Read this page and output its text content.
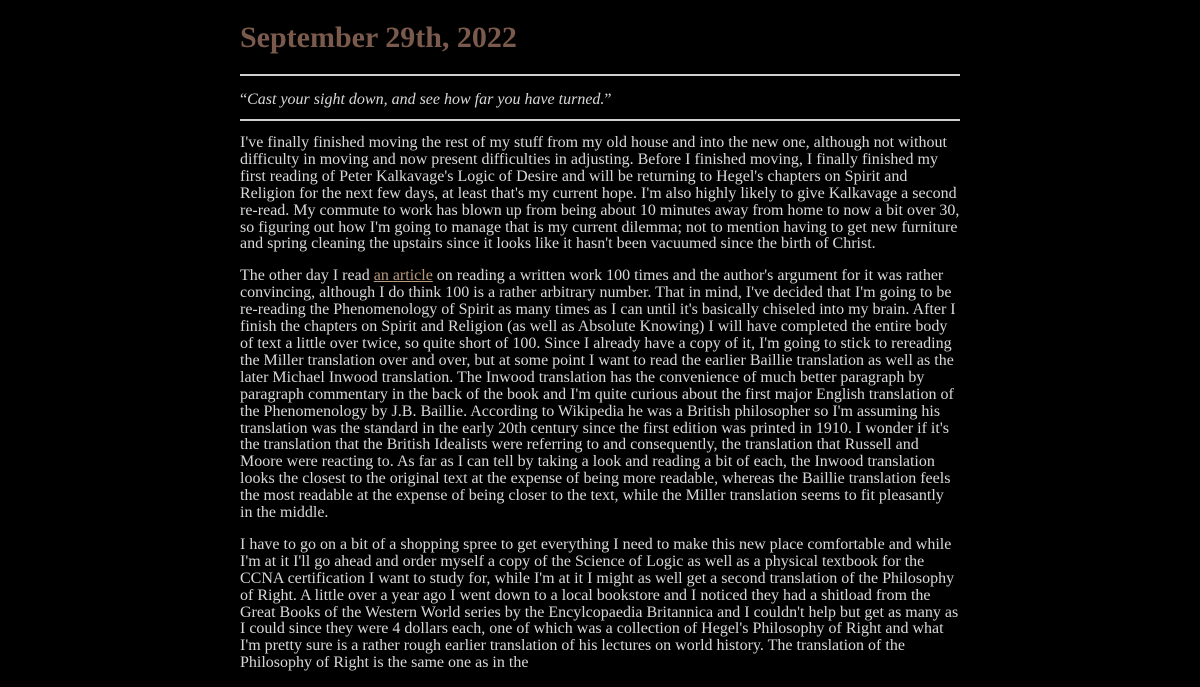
September 29th, 2022
“Cast your sight down, and see how far you have turned.”

I've finally finished moving the rest of my stuff from my old house and into the new one, although not without difficulty in moving and now present difficulties in adjusting. Before I finished moving, I finally finished my first reading of Peter Kalkavage's Logic of Desire and will be returning to Hegel's chapters on Spirit and Religion for the next few days, at least that's my current hope. I'm also highly likely to give Kalkavage a second re-read. My commute to work has blown up from being about 10 minutes away from home to now a bit over 30, so figuring out how I'm going to manage that is my current dilemma; not to mention having to get new furniture and spring cleaning the upstairs since it looks like it hasn't been vacuumed since the birth of Christ.

The other day I read an article on reading a written work 100 times and the author's argument for it was rather convincing, although I do think 100 is a rather arbitrary number. That in mind, I've decided that I'm going to be re-reading the Phenomenology of Spirit as many times as I can until it's basically chiseled into my brain. After I finish the chapters on Spirit and Religion (as well as Absolute Knowing) I will have completed the entire body of text a little over twice, so quite short of 100. Since I already have a copy of it, I'm going to stick to rereading the Miller translation over and over, but at some point I want to read the earlier Baillie translation as well as the later Michael Inwood translation. The Inwood translation has the convenience of much better paragraph by paragraph commentary in the back of the book and I'm quite curious about the first major English translation of the Phenomenology by J.B. Baillie. According to Wikipedia he was a British philosopher so I'm assuming his translation was the standard in the early 20th century since the first edition was printed in 1910. I wonder if it's the translation that the British Idealists were referring to and consequently, the translation that Russell and Moore were reacting to. As far as I can tell by taking a look and reading a bit of each, the Inwood translation looks the closest to the original text at the expense of being more readable, whereas the Baillie translation feels the most readable at the expense of being closer to the text, while the Miller translation seems to fit pleasantly in the middle.

I have to go on a bit of a shopping spree to get everything I need to make this new place comfortable and while I'm at it I'll go ahead and order myself a copy of the Science of Logic as well as a physical textbook for the CCNA certification I want to study for, while I'm at it I might as well get a second translation of the Philosophy of Right. A little over a year ago I went down to a local bookstore and I noticed they had a shitload from the Great Books of the Western World series by the Encylcopaedia Britannica and I couldn't help but get as many as I could since they were 4 dollars each, one of which was a collection of Hegel's Philosophy of Right and what I'm pretty sure is a rather rough earlier translation of his lectures on world history. The translation of the Philosophy of Right is the same one as in the
